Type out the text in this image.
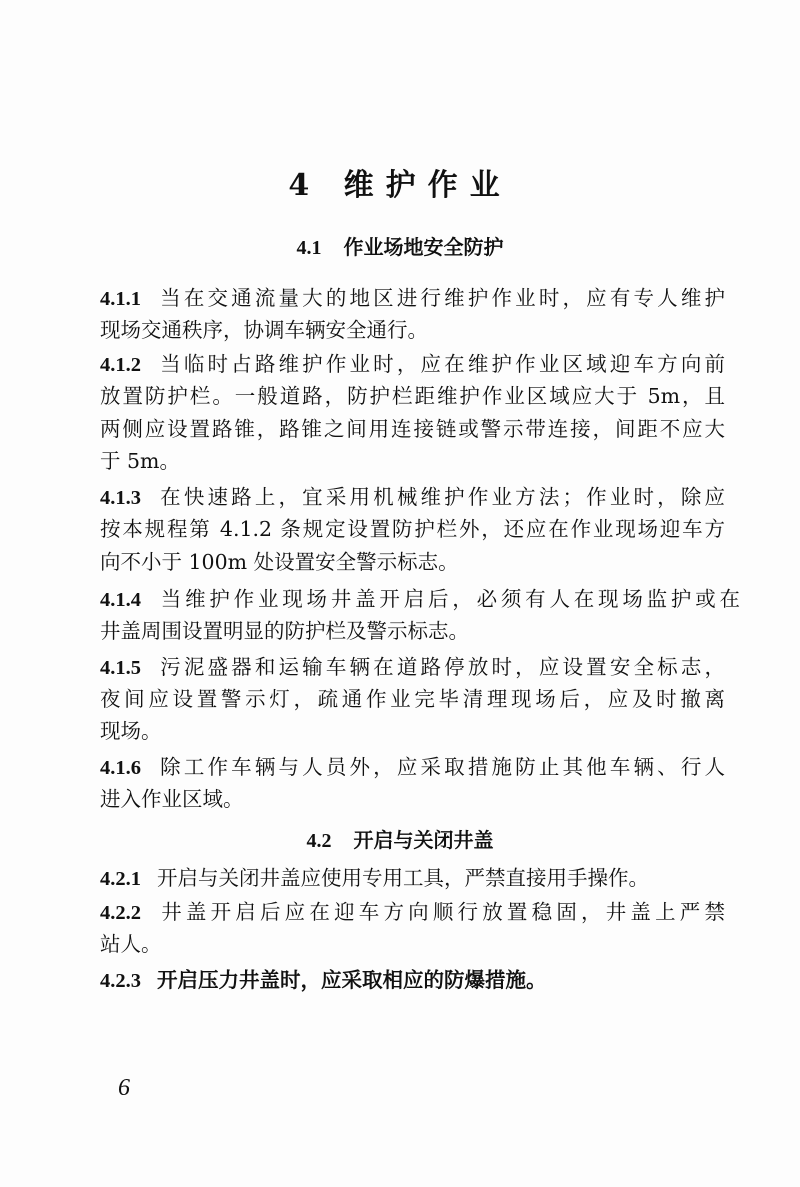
4 维护作业
4.1 作业场地安全防护
4.1.1 当在交通流量大的地区进行维护作业时，应有专人维护
现场交通秩序，协调车辆安全通行。
4.1.2 当临时占路维护作业时，应在维护作业区域迎车方向前
放置防护栏。一般道路，防护栏距维护作业区域应大于 5m，且
两侧应设置路锥，路锥之间用连接链或警示带连接，间距不应大
于 5m。
4.1.3 在快速路上，宜采用机械维护作业方法；作业时，除应
按本规程第 4.1.2 条规定设置防护栏外，还应在作业现场迎车方
向不小于 100m 处设置安全警示标志。
4.1.4 当维护作业现场井盖开启后，必须有人在现场监护或在
井盖周围设置明显的防护栏及警示标志。
4.1.5 污泥盛器和运输车辆在道路停放时，应设置安全标志，
夜间应设置警示灯，疏通作业完毕清理现场后，应及时撤离
现场。
4.1.6 除工作车辆与人员外，应采取措施防止其他车辆、行人
进入作业区域。
4.2 开启与关闭井盖
4.2.1 开启与关闭井盖应使用专用工具，严禁直接用手操作。
4.2.2 井盖开启后应在迎车方向顺行放置稳固，井盖上严禁
站人。
4.2.3 开启压力井盖时，应采取相应的防爆措施。
6
